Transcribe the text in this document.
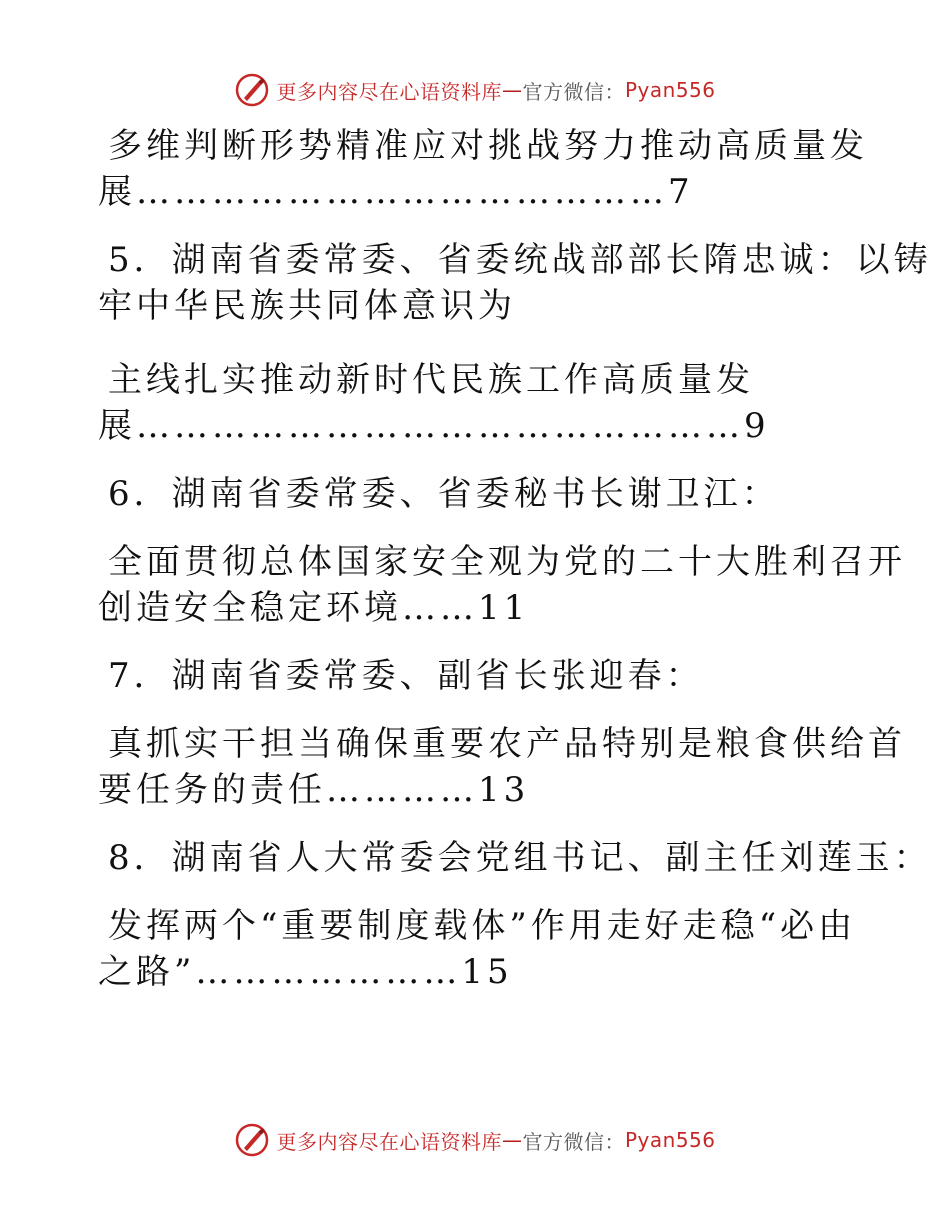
更多内容尽在心语资料库 — 官方微信： Pyan556
多维判断形势精准应对挑战努力推动高质量发
展……………………………………7
5．湖南省委常委、省委统战部部长隋忠诚：以铸
牢中华民族共同体意识为
主线扎实推动新时代民族工作高质量发
展…………………………………………9
6．湖南省委常委、省委秘书长谢卫江：
全面贯彻总体国家安全观为党的二十大胜利召开
创造安全稳定环境……11
7．湖南省委常委、副省长张迎春：
真抓实干担当确保重要农产品特别是粮食供给首
要任务的责任…………13
8．湖南省人大常委会党组书记、副主任刘莲玉：
发挥两个“重要制度载体”作用走好走稳“必由
之路”…………………15
更多内容尽在心语资料库 — 官方微信： Pyan556
